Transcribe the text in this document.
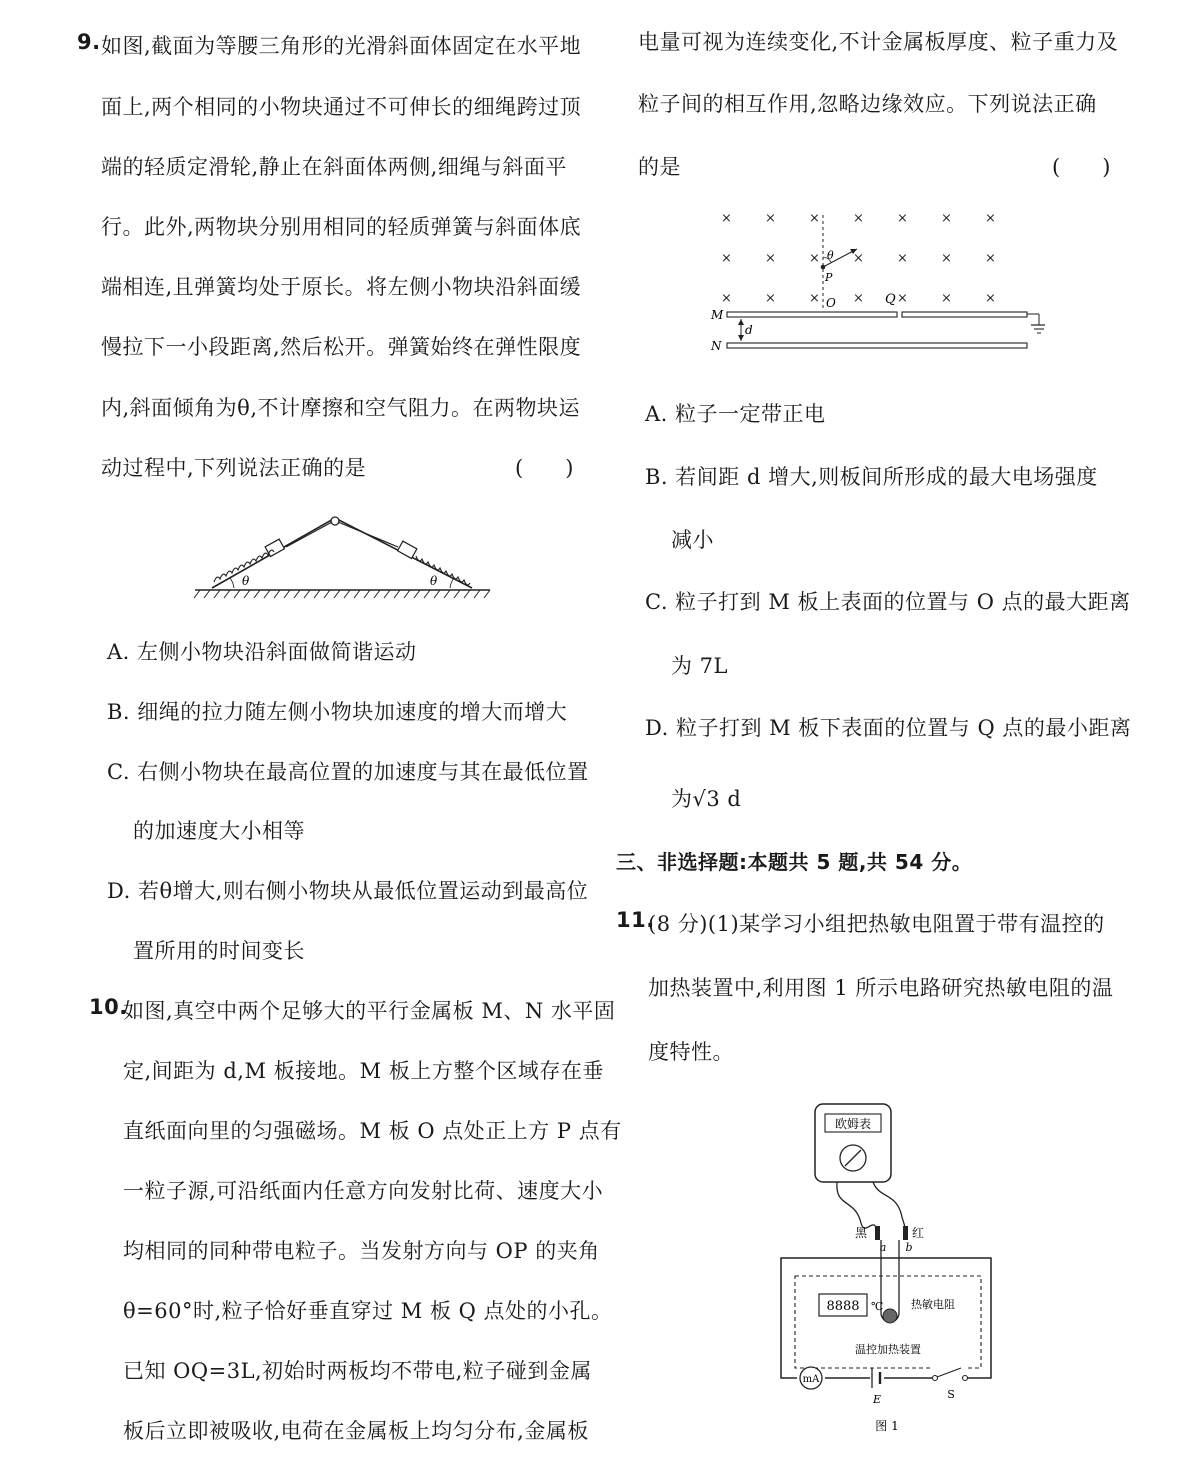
9. 如图,截面为等腰三角形的光滑斜面体固定在水平地
面上,两个相同的小物块通过不可伸长的细绳跨过顶
端的轻质定滑轮,静止在斜面体两侧,细绳与斜面平
行。此外,两物块分别用相同的轻质弹簧与斜面体底
端相连,且弹簧均处于原长。将左侧小物块沿斜面缓
慢拉下一小段距离,然后松开。弹簧始终在弹性限度
内,斜面倾角为θ,不计摩擦和空气阻力。在两物块运
动过程中,下列说法正确的是	(　　)
θ	θ
A. 左侧小物块沿斜面做简谐运动
B. 细绳的拉力随左侧小物块加速度的增大而增大
C. 右侧小物块在最高位置的加速度与其在最低位置
的加速度大小相等
D. 若θ增大,则右侧小物块从最低位置运动到最高位
置所用的时间变长
10.
如图,真空中两个足够大的平行金属板 M、N 水平固
定,间距为 d,M 板接地。M 板上方整个区域存在垂
直纸面向里的匀强磁场。M 板 O 点处正上方 P 点有
一粒子源,可沿纸面内任意方向发射比荷、速度大小
均相同的同种带电粒子。当发射方向与 OP 的夹角
θ=60°时,粒子恰好垂直穿过 M 板 Q 点处的小孔。
已知 OQ=3L,初始时两板均不带电,粒子碰到金属
板后立即被吸收,电荷在金属板上均匀分布,金属板
电量可视为连续变化,不计金属板厚度、粒子重力及
粒子间的相互作用,忽略边缘效应。下列说法正确
的是	(　　)
×	×	×	×	×	×	×
×	×	×	×	×	×	×
×	×	×	×	×	×	×
θ
P
O	Q
d
M
N
A. 粒子一定带正电
B. 若间距 d 增大,则板间所形成的最大电场强度
减小
C. 粒子打到 M 板上表面的位置与 O 点的最大距离
为 7L
D. 粒子打到 M 板下表面的位置与 Q 点的最小距离
为√3 d
三、非选择题:本题共 5 题,共 54 分。
11.
(8 分)(1)某学习小组把热敏电阻置于带有温控的
加热装置中,利用图 1 所示电路研究热敏电阻的温
度特性。
欧姆表
黑	红
a b
8888 ℃	热敏电阻
温控加热装置
mA
E	S
图 1
